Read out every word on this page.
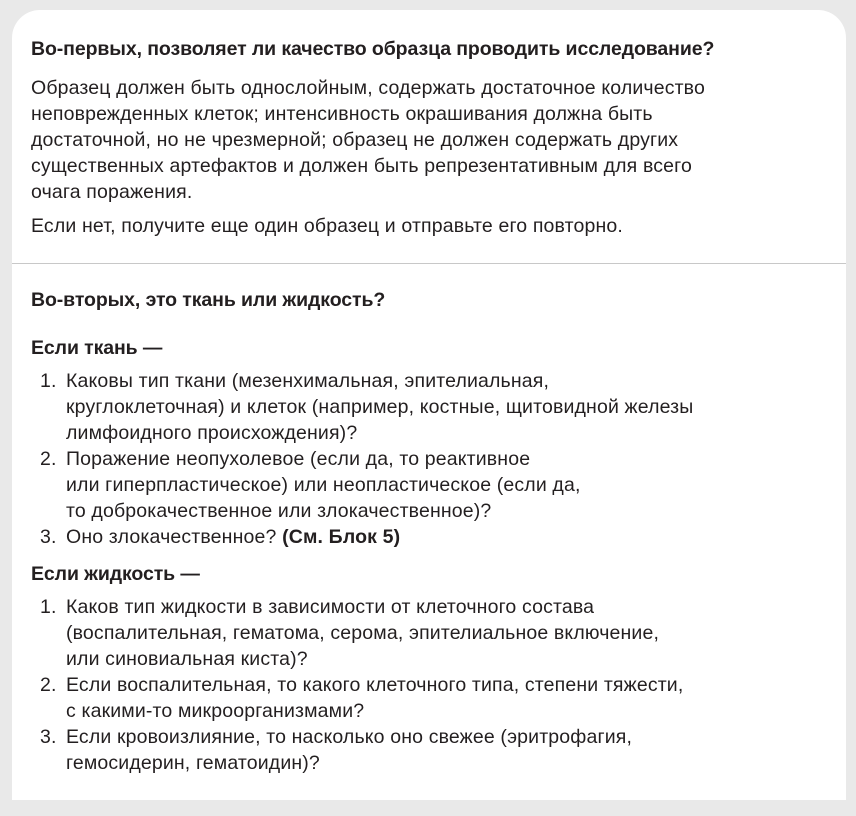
Во-первых, позволяет ли качество образца проводить исследование?

Образец должен быть однослойным, содержать достаточное количество
неповрежденных клеток; интенсивность окрашивания должна быть
достаточной, но не чрезмерной; образец не должен содержать других
существенных артефактов и должен быть репрезентативным для всего
очага поражения.

Если нет, получите еще один образец и отправьте его повторно.

Во-вторых, это ткань или жидкость?
Если ткань —
1. Каковы тип ткани (мезенхимальная, эпителиальная,
круглоклеточная) и клеток (например, костные, щитовидной железы
лимфоидного происхождения)?
2. Поражение неопухолевое (если да, то реактивное
или гиперпластическое) или неопластическое (если да,
то доброкачественное или злокачественное)?
3. Оно злокачественное? (См. Блок 5)
Если жидкость —
1. Каков тип жидкости в зависимости от клеточного состава
(воспалительная, гематома, серома, эпителиальное включение,
или синовиальная киста)?
2. Если воспалительная, то какого клеточного типа, степени тяжести,
с какими-то микроорганизмами?
3. Если кровоизлияние, то насколько оно свежее (эритрофагия,
гемосидерин, гематоидин)?
